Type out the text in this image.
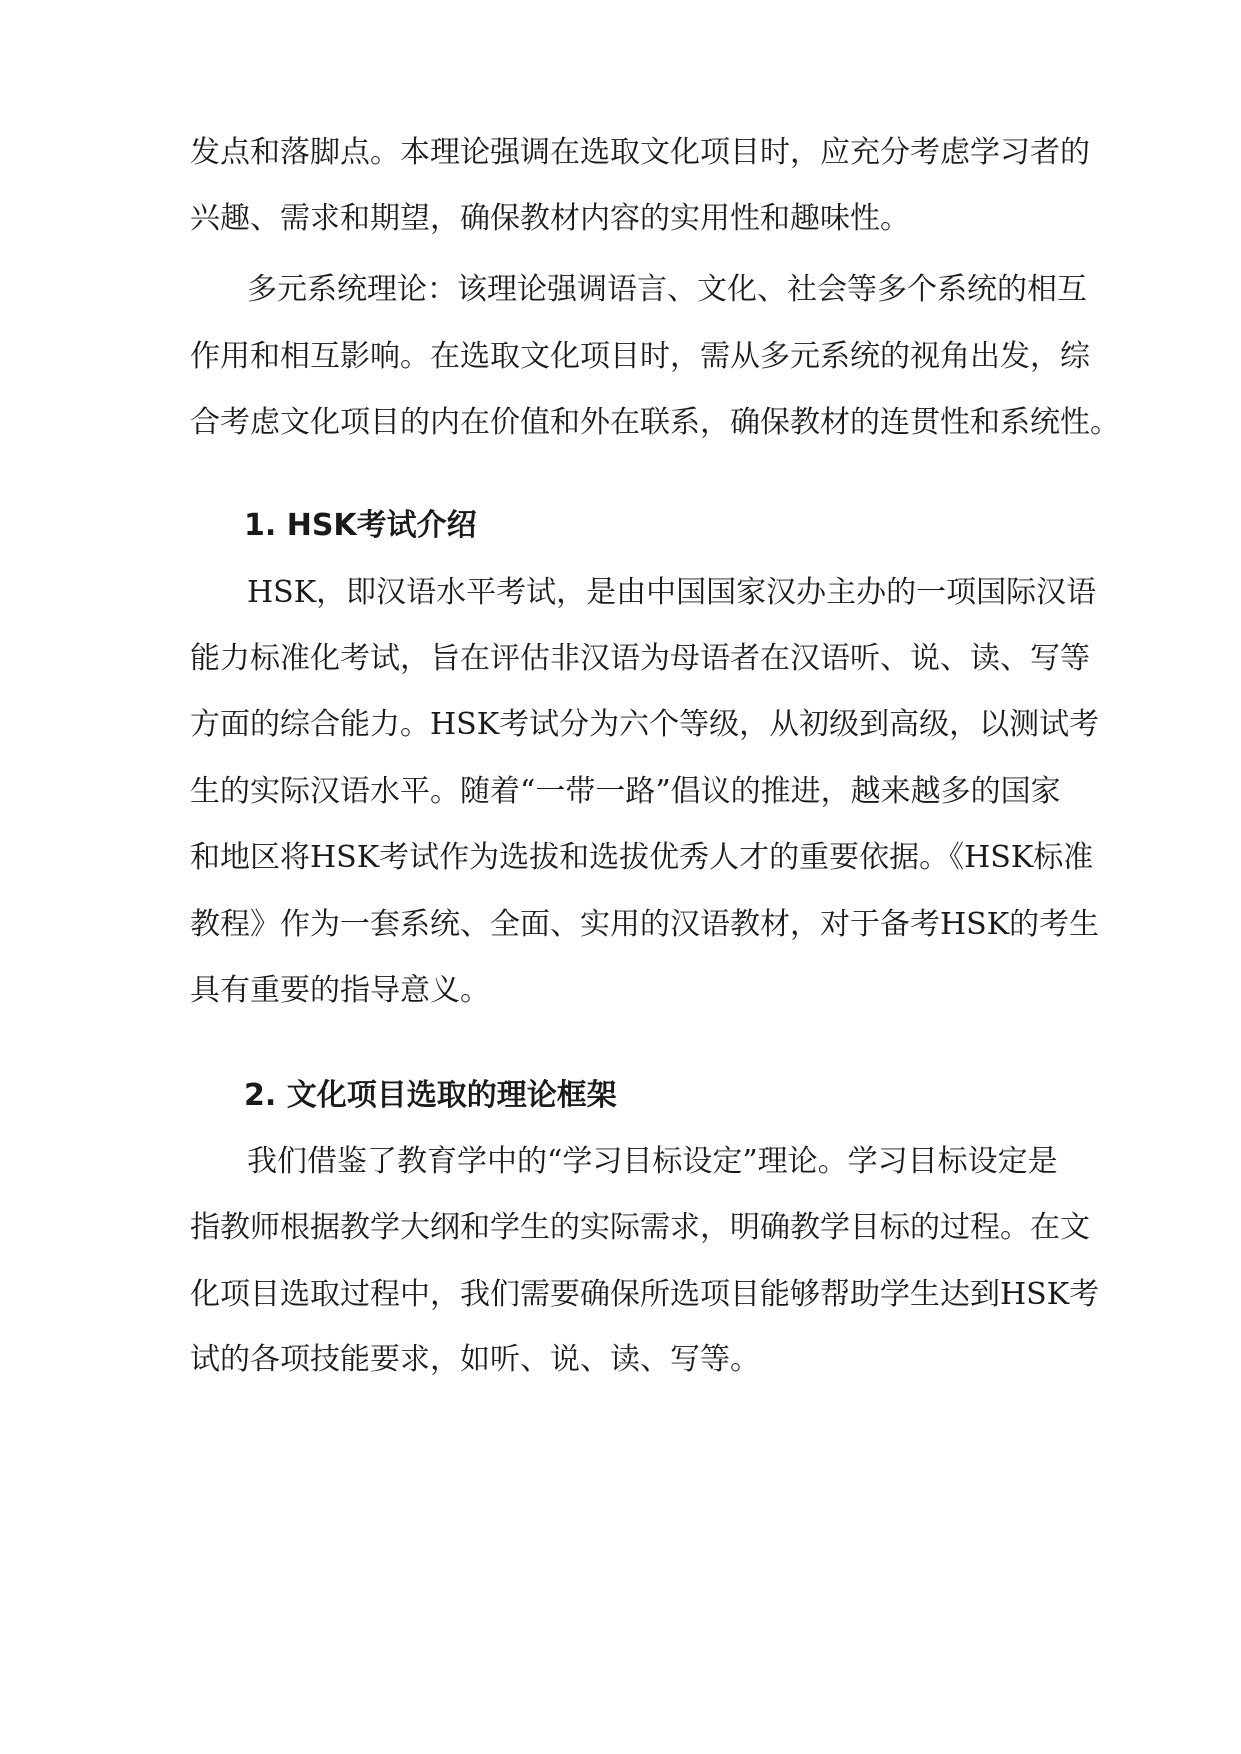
发点和落脚点。本理论强调在选取文化项目时，应充分考虑学习者的
兴趣、需求和期望，确保教材内容的实用性和趣味性。
多元系统理论：该理论强调语言、文化、社会等多个系统的相互
作用和相互影响。在选取文化项目时，需从多元系统的视角出发，综
合考虑文化项目的内在价值和外在联系，确保教材的连贯性和系统性。
1. HSK考试介绍
HSK，即汉语水平考试，是由中国国家汉办主办的一项国际汉语
能力标准化考试，旨在评估非汉语为母语者在汉语听、说、读、写等
方面的综合能力。HSK考试分为六个等级，从初级到高级，以测试考
生的实际汉语水平。随着“一带一路”倡议的推进，越来越多的国家
和地区将HSK考试作为选拔和选拔优秀人才的重要依据。《HSK标准
教程》作为一套系统、全面、实用的汉语教材，对于备考HSK的考生
具有重要的指导意义。
2. 文化项目选取的理论框架
我们借鉴了教育学中的“学习目标设定”理论。学习目标设定是
指教师根据教学大纲和学生的实际需求，明确教学目标的过程。在文
化项目选取过程中，我们需要确保所选项目能够帮助学生达到HSK考
试的各项技能要求，如听、说、读、写等。
